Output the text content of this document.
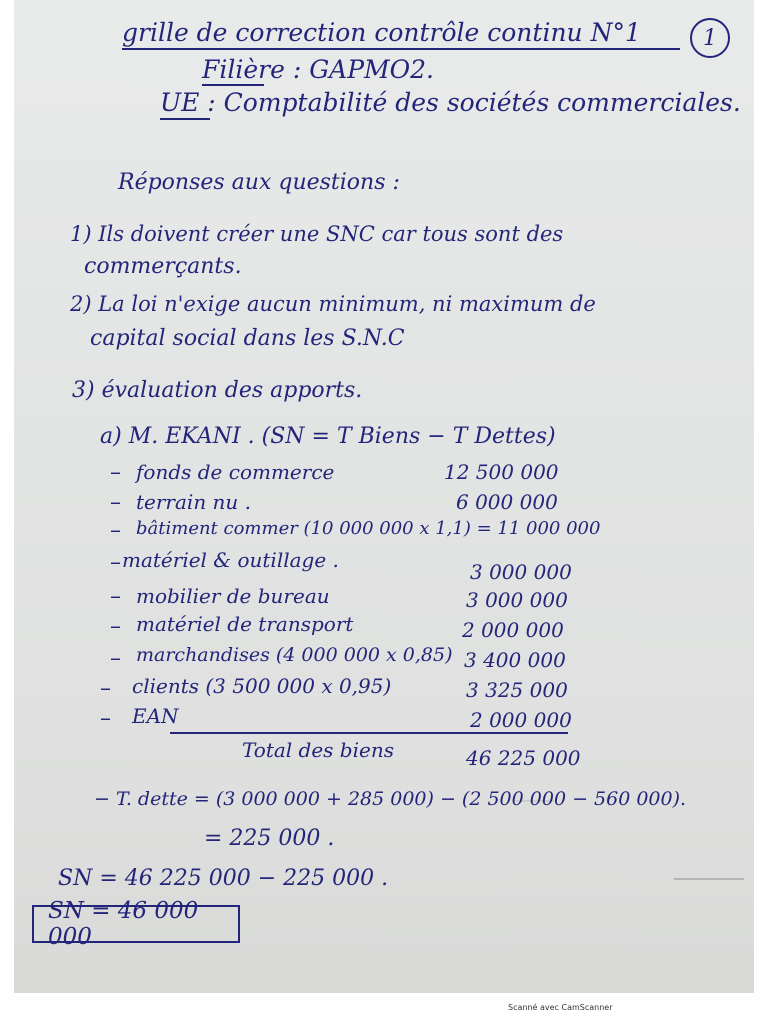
grille de correction contrôle continu N°1	1
Filière : GAPMO2.
UE : Comptabilité des sociétés commerciales.
Réponses aux questions :
1) Ils doivent créer une SNC car tous sont des
commerçants.
2) La loi n'exige aucun minimum, ni maximum de
capital social dans les S.N.C
3) évaluation des apports.
a) M. EKANI . (SN = T Biens − T Dettes)
– fonds de commerce	12 500 000
– terrain nu .	6 000 000
– bâtiment commer (10 000 000 x 1,1) = 11 000 000
– matériel & outillage .	3 000 000
– mobilier de bureau	3 000 000
– matériel de transport	2 000 000
– marchandises (4 000 000 x 0,85) 3 400 000
– clients (3 500 000 x 0,95)	3 325 000
– EAN	2 000 000
Total des biens	46 225 000
− T. dette = (3 000 000 + 285 000) − (2 500 000 − 560 000).
= 225 000 .
SN = 46 225 000 − 225 000 .
SN = 46 000 000
Scanné avec CamScanner
